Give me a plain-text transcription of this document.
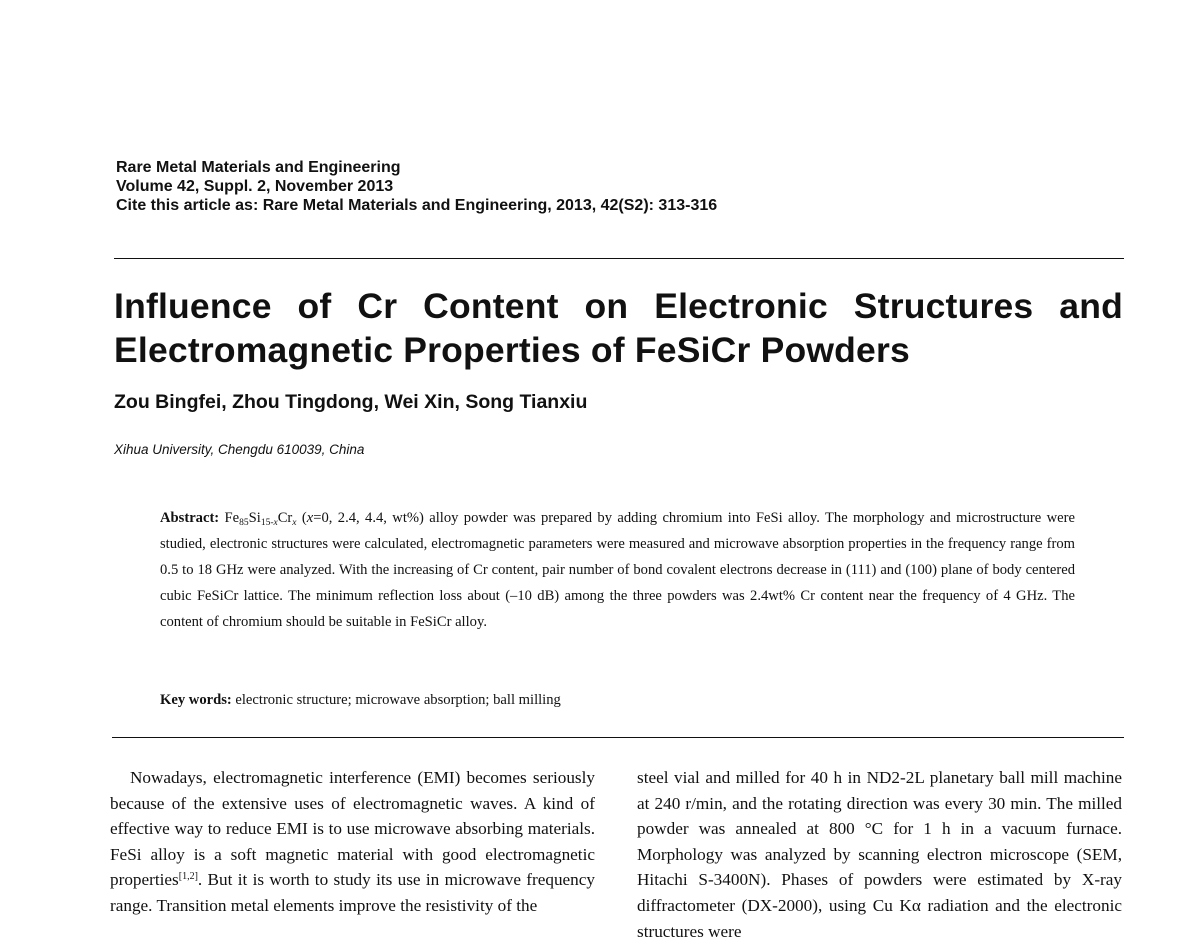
Rare Metal Materials and Engineering
Volume 42, Suppl. 2, November 2013
Cite this article as: Rare Metal Materials and Engineering, 2013, 42(S2): 313-316
Influence of Cr Content on Electronic Structures and Electromagnetic Properties of FeSiCr Powders
Zou Bingfei, Zhou Tingdong, Wei Xin, Song Tianxiu
Xihua University, Chengdu 610039, China

Abstract: $Fe_{85}Si_{15-x}Cr_x$ (x=0, 2.4, 4.4, wt%) alloy powder was prepared by adding chromium into FeSi alloy. The morphology and microstructure were studied, electronic structures were calculated, electromagnetic parameters were measured and microwave absorption properties in the frequency range from 0.5 to 18 GHz were analyzed. With the increasing of Cr content, pair number of bond covalent electrons decrease in (111) and (100) plane of body centered cubic FeSiCr lattice. The minimum reflection loss about (–10 dB) among the three powders was 2.4wt% Cr content near the frequency of 4 GHz. The content of chromium should be suitable in FeSiCr alloy.

Key words: electronic structure; microwave absorption; ball milling

Nowadays, electromagnetic interference (EMI) becomes seriously because of the extensive uses of electromagnetic waves. A kind of effective way to reduce EMI is to use microwave absorbing materials. FeSi alloy is a soft magnetic material with good electromagnetic properties[1,2]. But it is worth to study its use in microwave frequency range. Transition metal elements improve the resistivity of the

steel vial and milled for 40 h in ND2-2L planetary ball mill machine at 240 r/min, and the rotating direction was every 30 min. The milled powder was annealed at 800 °C for 1 h in a vacuum furnace. Morphology was analyzed by scanning electron microscope (SEM, Hitachi S-3400N). Phases of powders were estimated by X-ray diffractometer (DX-2000), using Cu Kα radiation and the electronic structures were
